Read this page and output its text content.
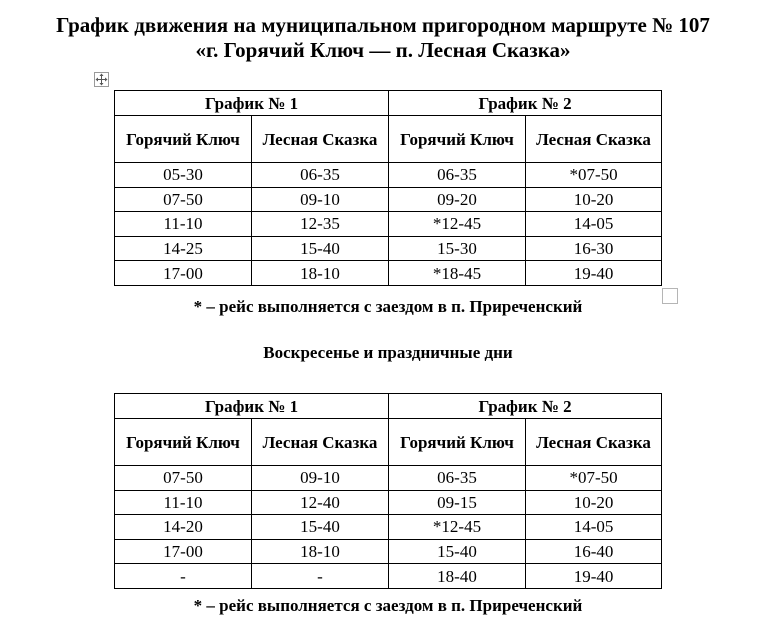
График движения на муниципальном пригородном маршруте № 107
«г. Горячий Ключ — п. Лесная Сказка»
График № 1		График № 2	
Горячий Ключ	Лесная Сказка	Горячий Ключ	Лесная Сказка
05-30	06-35	06-35	*07-50
07-50	09-10	09-20	10-20
11-10	12-35	*12-45	14-05
14-25	15-40	15-30	16-30
17-00	18-10	*18-45	19-40
* – рейс выполняется с заездом в п. Приреченский
Воскресенье и праздничные дни
График № 1		График № 2	
Горячий Ключ	Лесная Сказка	Горячий Ключ	Лесная Сказка
07-50	09-10	06-35	*07-50
11-10	12-40	09-15	10-20
14-20	15-40	*12-45	14-05
17-00	18-10	15-40	16-40
-	-	18-40	19-40
* – рейс выполняется с заездом в п. Приреченский
